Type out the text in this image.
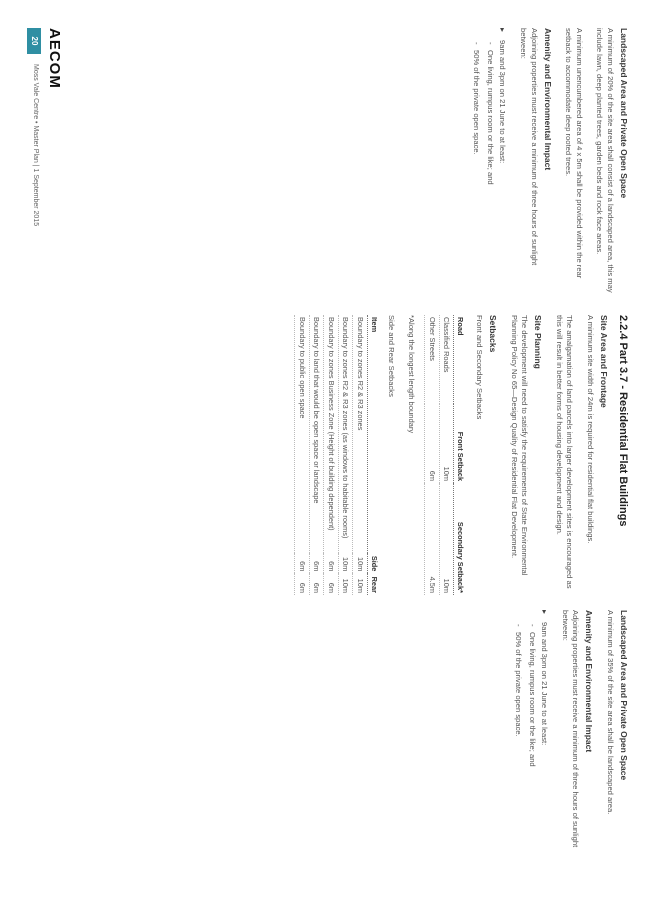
Landscaped Area and Private Open Space

A minimum of 20% of the site area shall consist of a landscaped area, this may include lawn, deep planted trees, garden beds and rock face areas.

A minimum unencumbered area of 4 x 5m shall be provided within the rear setback to accommodate deep rooted trees.

Amenity and Environmental Impact

Adjoining properties must receive a minimum of three hours of sunlight between:

▸ 9am and 3pm on 21 June to at least:
- One living, rumpus room or the like; and
- 50% of the private open space.
2.2.4 Part 3.7 - Residential Flat Buildings
Site Area and Frontage

A minimum site width of 24m is required for residential flat buildings.

The amalgamation of land parcels into larger development sites is encouraged as this will result in better forms of housing development and design.

Site Planning

The development will need to satisfy the requirements of State Environmental Planning Policy No 65—Design Quality of Residential Flat Development.

Setbacks

Front and Secondary Setbacks

Road	Front Setback	Secondary Setback*
Classified Roads	10m	10m
Other Streets	6m	4.5m

*Along the longest length boundary

Side and Rear Setbacks

Item	Side	Rear
Boundary to zones R2 & R3 zones	10m	10m
Boundary to zones R2 & R3 zones (as windows to habitable rooms)	10m	10m
Boundary to zones Business Zone (Height of building dependent)	6m	6m
Boundary to land that would be open space or landscape	6m	6m
Boundary to public open space	6m	6m
Landscaped Area and Private Open Space

A minimum of 35% of the site area shall be landscaped area.

Amenity and Environmental Impact

Adjoining properties must receive a minimum of three hours of sunlight between:

▸ 9am and 3pm on 21 June to at least:
- One living, rumpus room or the like; and
- 50% of the private open space.
AECOM
20
Moss Vale Centre • Master Plan | 1 September 2015
